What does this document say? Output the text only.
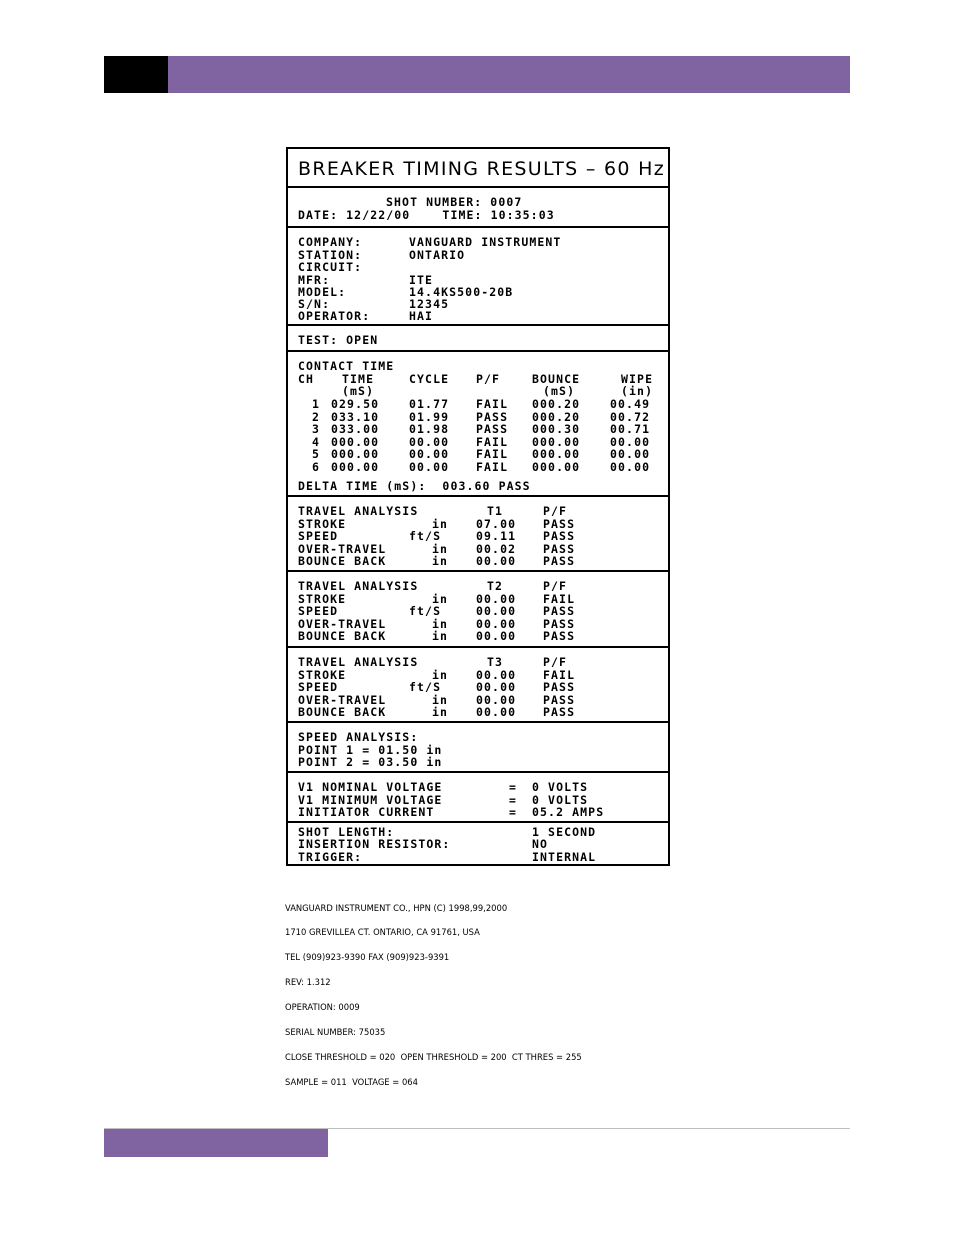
BREAKER TIMING RESULTS – 60 Hz
SHOT NUMBER: 0007
DATE: 12/22/00    TIME: 10:35:03
COMPANY:	VANGUARD INSTRUMENT
STATION:	ONTARIO
CIRCUIT:
MFR:	ITE
MODEL:	14.4KS500-20B
S/N:	12345
OPERATOR:	HAI
TEST: OPEN
CONTACT TIME
CH TIME	CYCLE P/F	BOUNCE	WIPE
(mS)	(mS)	(in)
1 029.50	01.77 FAIL 000.20	00.49
2 033.10	01.99 PASS 000.20	00.72
3 033.00	01.98 PASS 000.30	00.71
4 000.00	00.00 FAIL 000.00	00.00
5 000.00	00.00 FAIL 000.00	00.00
6 000.00	00.00 FAIL 000.00	00.00
DELTA TIME (mS):  003.60 PASS
TRAVEL ANALYSIS	T1	P/F
STROKE	in 07.00 PASS
SPEED	ft/S	09.11 PASS
OVER-TRAVEL	in 00.02 PASS
BOUNCE BACK	in 00.00 PASS
TRAVEL ANALYSIS	T2	P/F
STROKE	in 00.00 FAIL
SPEED	ft/S	00.00 PASS
OVER-TRAVEL	in 00.00 PASS
BOUNCE BACK	in 00.00 PASS
TRAVEL ANALYSIS	T3	P/F
STROKE	in 00.00 FAIL
SPEED	ft/S	00.00 PASS
OVER-TRAVEL	in 00.00 PASS
BOUNCE BACK	in 00.00 PASS
SPEED ANALYSIS:
POINT 1 = 01.50 in
POINT 2 = 03.50 in
V1 NOMINAL VOLTAGE	= 0 VOLTS
V1 MINIMUM VOLTAGE	= 0 VOLTS
INITIATOR CURRENT	= 05.2 AMPS
SHOT LENGTH:	1 SECOND
INSERTION RESISTOR:	NO
TRIGGER:	INTERNAL

VANGUARD INSTRUMENT CO., HPN (C) 1998,99,2000

1710 GREVILLEA CT. ONTARIO, CA 91761, USA

TEL (909)923-9390 FAX (909)923-9391

REV: 1.312

OPERATION: 0009

SERIAL NUMBER: 75035

CLOSE THRESHOLD = 020  OPEN THRESHOLD = 200  CT THRES = 255

SAMPLE = 011  VOLTAGE = 064
